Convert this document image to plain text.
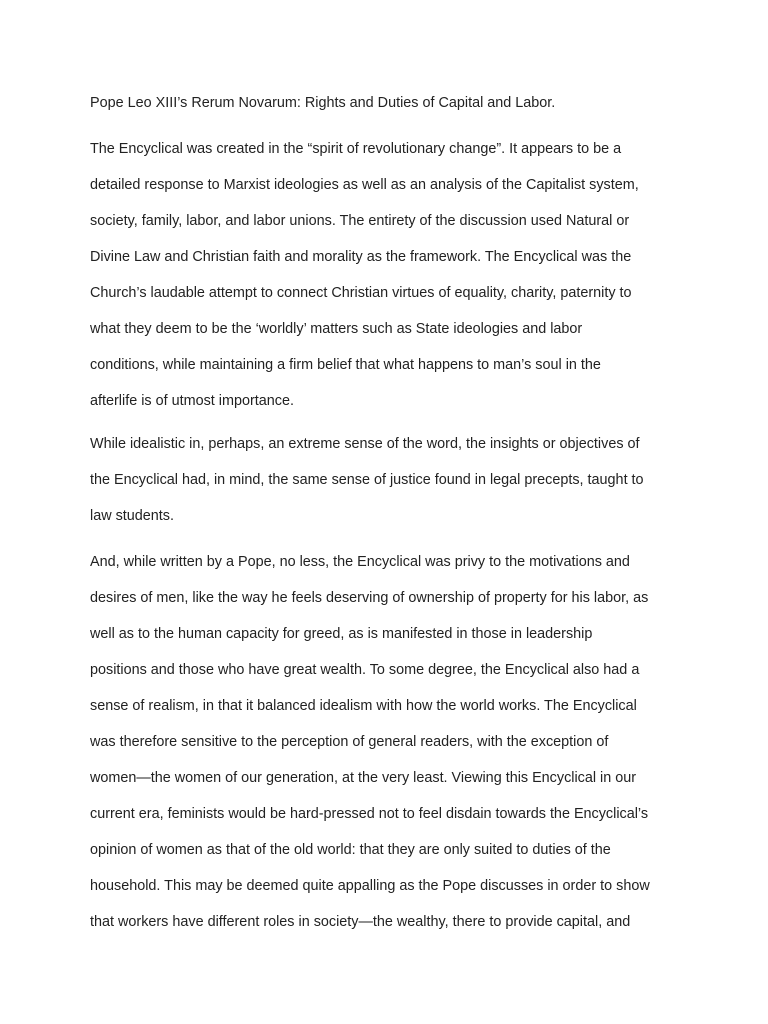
Pope Leo XIII’s Rerum Novarum: Rights and Duties of Capital and Labor.
The Encyclical was created in the “spirit of revolutionary change”. It appears to be a
detailed response to Marxist ideologies as well as an analysis of the Capitalist system,
society, family, labor, and labor unions. The entirety of the discussion used Natural or
Divine Law and Christian faith and morality as the framework. The Encyclical was the
Church’s laudable attempt to connect Christian virtues of equality, charity, paternity to
what they deem to be the ‘worldly’ matters such as State ideologies and labor
conditions, while maintaining a firm belief that what happens to man’s soul in the
afterlife is of utmost importance.
While idealistic in, perhaps, an extreme sense of the word, the insights or objectives of
the Encyclical had, in mind, the same sense of justice found in legal precepts, taught to
law students.
And, while written by a Pope, no less, the Encyclical was privy to the motivations and
desires of men, like the way he feels deserving of ownership of property for his labor, as
well as to the human capacity for greed, as is manifested in those in leadership
positions and those who have great wealth. To some degree, the Encyclical also had a
sense of realism, in that it balanced idealism with how the world works. The Encyclical
was therefore sensitive to the perception of general readers, with the exception of
women—the women of our generation, at the very least. Viewing this Encyclical in our
current era, feminists would be hard-pressed not to feel disdain towards the Encyclical’s
opinion of women as that of the old world: that they are only suited to duties of the
household. This may be deemed quite appalling as the Pope discusses in order to show
that workers have different roles in society—the wealthy, there to provide capital, and
